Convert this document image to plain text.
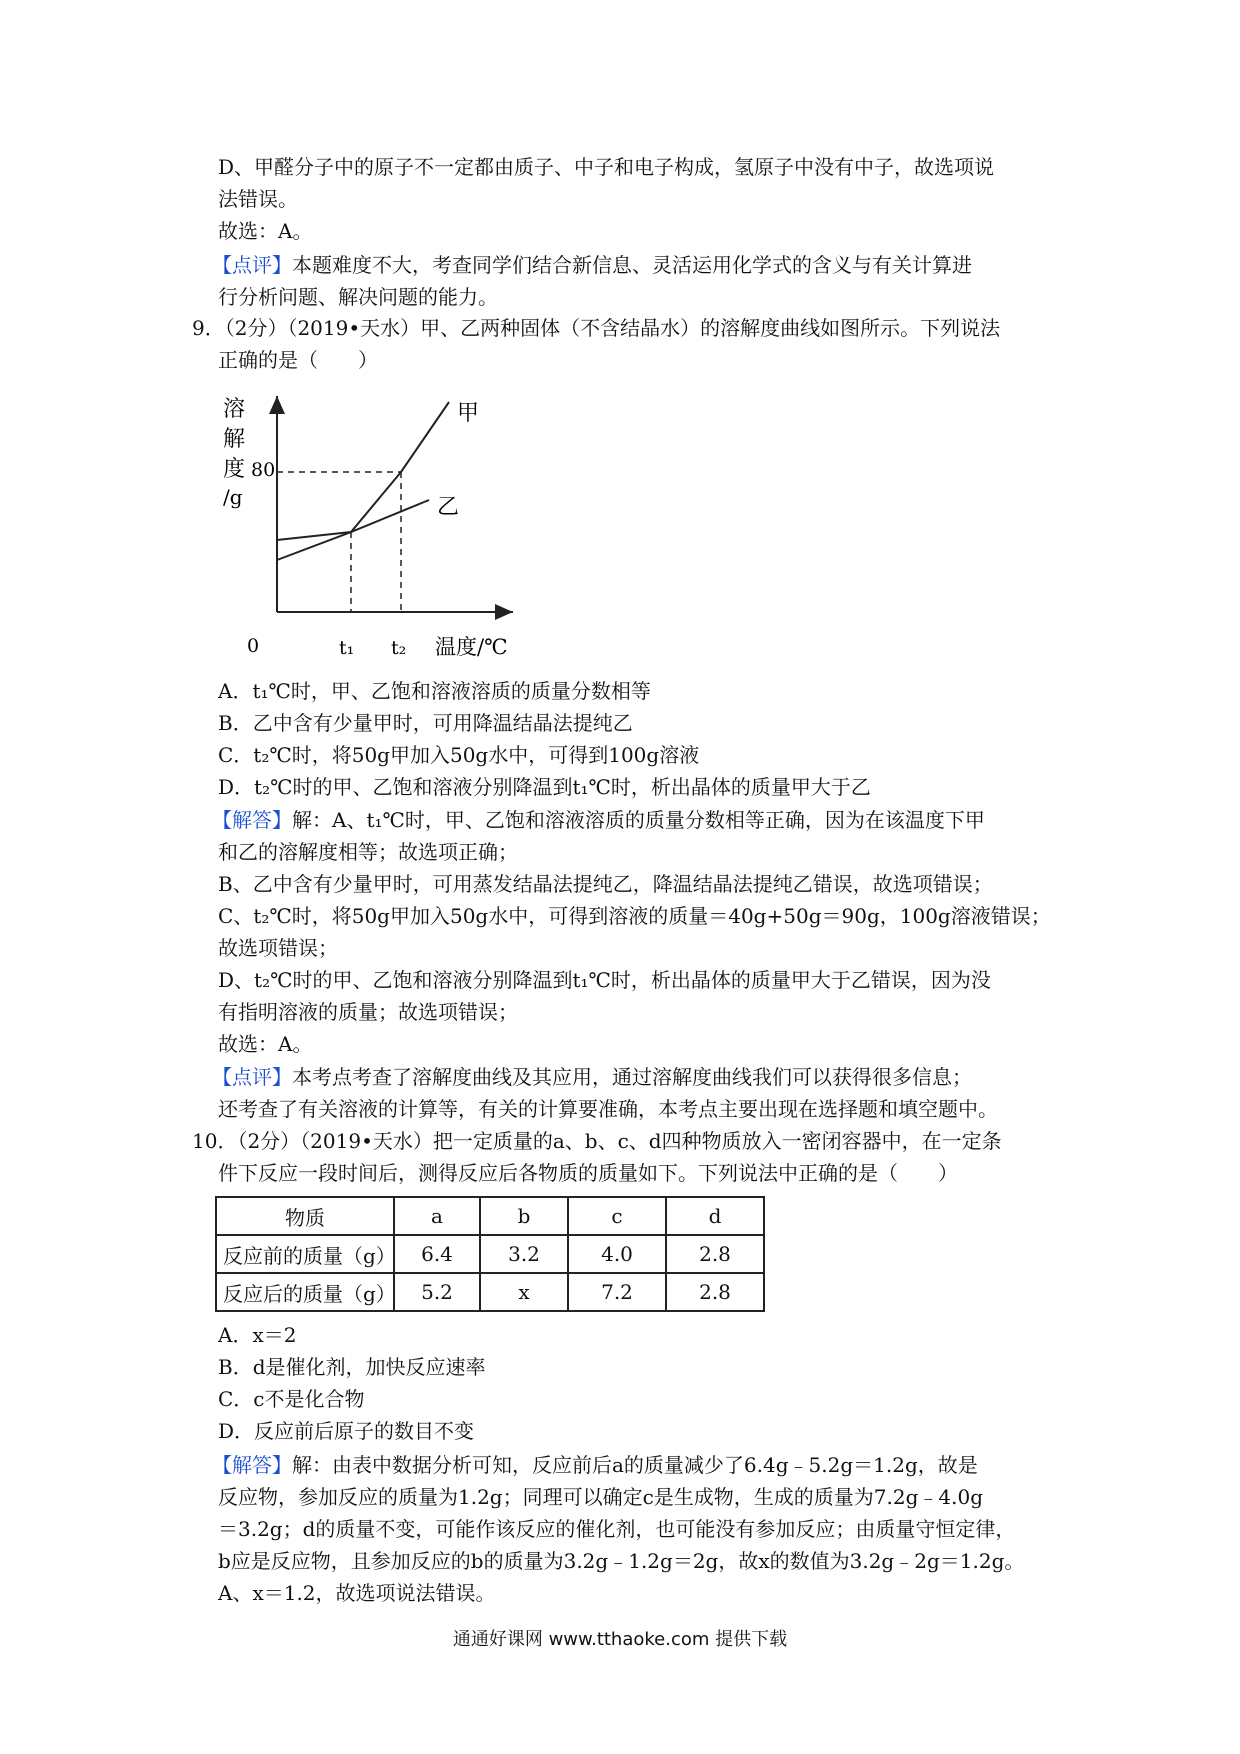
D、甲醛分子中的原子不一定都由质子、中子和电子构成，氢原子中没有中子，故选项说
法错误。
故选：A。
【点评】本题难度不大，考查同学们结合新信息、灵活运用化学式的含义与有关计算进
行分析问题、解决问题的能力。
9．（2分）（2019•天水）甲、乙两种固体（不含结晶水）的溶解度曲线如图所示。下列说法
正确的是（　　）
溶
解
度
/g
80
甲
乙
0	t₁ t₂ 温度/℃
A．t₁℃时，甲、乙饱和溶液溶质的质量分数相等
B．乙中含有少量甲时，可用降温结晶法提纯乙
C．t₂℃时，将50g甲加入50g水中，可得到100g溶液
D．t₂℃时的甲、乙饱和溶液分别降温到t₁℃时，析出晶体的质量甲大于乙
【解答】解：A、t₁℃时，甲、乙饱和溶液溶质的质量分数相等正确，因为在该温度下甲
和乙的溶解度相等；故选项正确；
B、乙中含有少量甲时，可用蒸发结晶法提纯乙，降温结晶法提纯乙错误，故选项错误；
C、t₂℃时，将50g甲加入50g水中，可得到溶液的质量＝40g+50g＝90g，100g溶液错误；
故选项错误；
D、t₂℃时的甲、乙饱和溶液分别降温到t₁℃时，析出晶体的质量甲大于乙错误，因为没
有指明溶液的质量；故选项错误；
故选：A。
【点评】本考点考查了溶解度曲线及其应用，通过溶解度曲线我们可以获得很多信息；
还考查了有关溶液的计算等，有关的计算要准确，本考点主要出现在选择题和填空题中。
10．（2分）（2019•天水）把一定质量的a、b、c、d四种物质放入一密闭容器中，在一定条
件下反应一段时间后，测得反应后各物质的质量如下。下列说法中正确的是（　　）
物质	a	b	c	d
反应前的质量（g）	6.4	3.2	4.0	2.8
反应后的质量（g）	5.2	x	7.2	2.8
A．x＝2
B．d是催化剂，加快反应速率
C．c不是化合物
D．反应前后原子的数目不变
【解答】解：由表中数据分析可知，反应前后a的质量减少了6.4g﹣5.2g＝1.2g，故是
反应物，参加反应的质量为1.2g；同理可以确定c是生成物，生成的质量为7.2g﹣4.0g
＝3.2g；d的质量不变，可能作该反应的催化剂，也可能没有参加反应；由质量守恒定律，
b应是反应物，且参加反应的b的质量为3.2g﹣1.2g＝2g，故x的数值为3.2g﹣2g＝1.2g。
A、x＝1.2，故选项说法错误。
通通好课网 www.tthaoke.com 提供下载
